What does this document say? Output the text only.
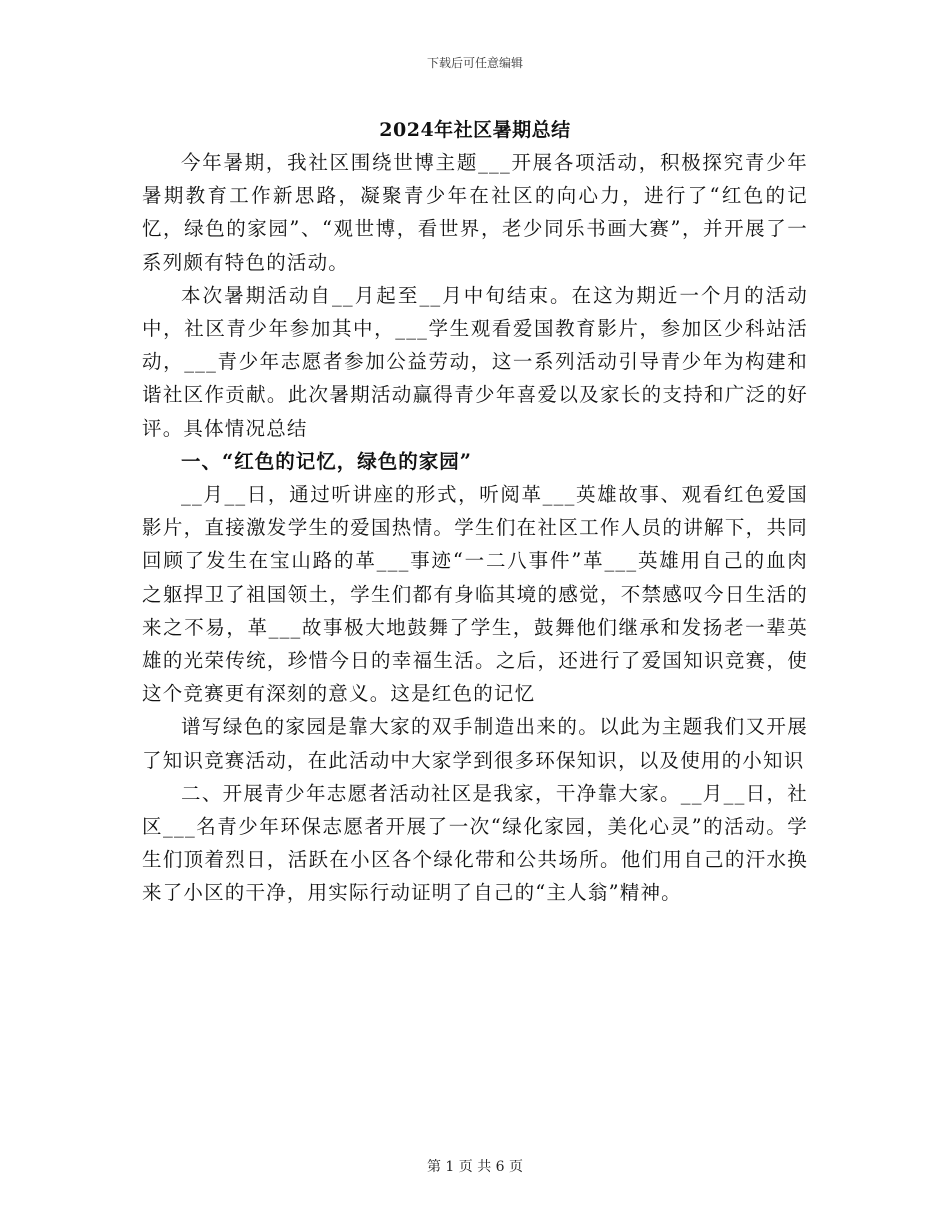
下载后可任意编辑
2024年社区暑期总结

今年暑期，我社区围绕世博主题___开展各项活动，积极探究青少年暑期教育工作新思路，凝聚青少年在社区的向心力，进行了“红色的记忆，绿色的家园”、“观世博，看世界，老少同乐书画大赛”，并开展了一系列颇有特色的活动。

本次暑期活动自__月起至__月中旬结束。在这为期近一个月的活动中，社区青少年参加其中，___学生观看爱国教育影片，参加区少科站活动，___青少年志愿者参加公益劳动，这一系列活动引导青少年为构建和谐社区作贡献。此次暑期活动赢得青少年喜爱以及家长的支持和广泛的好评。具体情况总结

一、“红色的记忆，绿色的家园”

__月__日，通过听讲座的形式，听阅革___英雄故事、观看红色爱国影片，直接激发学生的爱国热情。学生们在社区工作人员的讲解下，共同回顾了发生在宝山路的革___事迹“一二八事件”革___英雄用自己的血肉之躯捍卫了祖国领土，学生们都有身临其境的感觉，不禁感叹今日生活的来之不易，革___故事极大地鼓舞了学生，鼓舞他们继承和发扬老一辈英雄的光荣传统，珍惜今日的幸福生活。之后，还进行了爱国知识竞赛，使这个竞赛更有深刻的意义。这是红色的记忆

谱写绿色的家园是靠大家的双手制造出来的。以此为主题我们又开展了知识竞赛活动，在此活动中大家学到很多环保知识，以及使用的小知识

二、开展青少年志愿者活动社区是我家，干净靠大家。__月__日，社区___名青少年环保志愿者开展了一次“绿化家园，美化心灵”的活动。学生们顶着烈日，活跃在小区各个绿化带和公共场所。他们用自己的汗水换来了小区的干净，用实际行动证明了自己的“主人翁”精神。

第 1 页 共 6 页
